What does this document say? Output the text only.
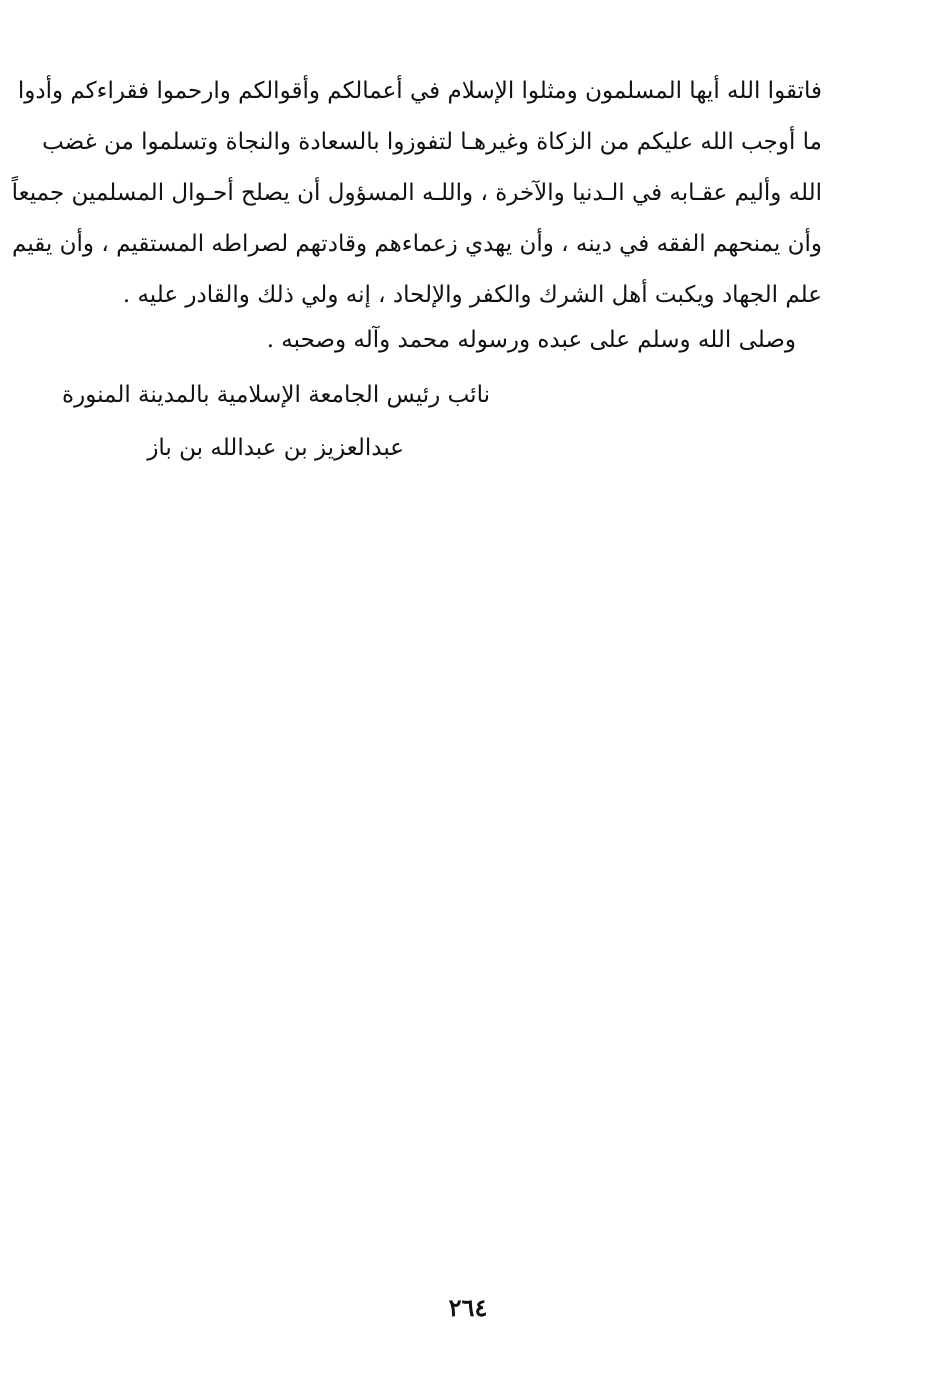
فاتقوا الله أيها المسلمون ومثلوا الإسلام في أعمالكم وأقوالكم وارحموا فقراءكم وأدوا
ما أوجب الله عليكم من الزكاة وغيرهـا لتفوزوا بالسعادة والنجاة وتسلموا من غضب
الله وأليم عقـابه في الـدنيا والآخرة ، واللـه المسؤول أن يصلح أحـوال المسلمين جميعاً
وأن يمنحهم الفقه في دينه ، وأن يهدي زعماءهم وقادتهم لصراطه المستقيم ، وأن يقيم
علم الجهاد ويكبت أهل الشرك والكفر والإلحاد ، إنه ولي ذلك والقادر عليه .
وصلى الله وسلم على عبده ورسوله محمد وآله وصحبه .
نائب رئيس الجامعة الإسلامية بالمدينة المنورة
عبدالعزيز بن عبدالله بن باز
٢٦٤
